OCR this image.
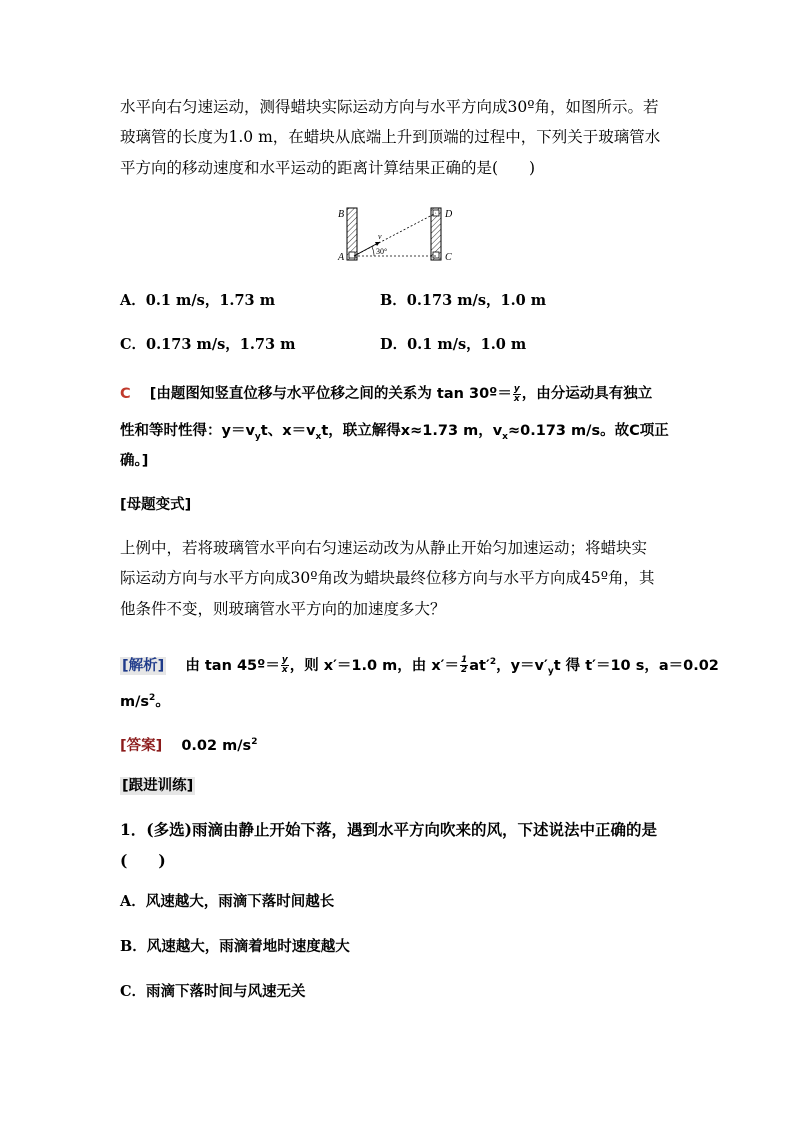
水平向右匀速运动，测得蜡块实际运动方向与水平方向成30º角，如图所示。若
玻璃管的长度为1.0 m，在蜡块从底端上升到顶端的过程中，下列关于玻璃管水
平方向的移动速度和水平运动的距离计算结果正确的是(　　)
B
A
D
C
v
30°
A．0.1 m/s，1.73 m	B．0.173 m/s，1.0 m
C．0.173 m/s，1.73 m	D．0.1 m/s，1.0 m
C [由题图知竖直位移与水平位移之间的关系为 tan 30º＝ $\frac{y}{x}$ ，由分运动具有独立
性和等时性得：$y=v_yt$、$x=v_xt$，联立解得x≈1.73 m，$v_x\approx 0.173$ m/s。故C项正
确。]
[母题变式]
上例中，若将玻璃管水平向右匀速运动改为从静止开始匀加速运动；将蜡块实
际运动方向与水平方向成30º角改为蜡块最终位移方向与水平方向成45º角，其
他条件不变，则玻璃管水平方向的加速度多大？
[解析] 由 tan 45º＝ $\frac{y}{x}$ ，则 x′＝1.0 m，由 $x'= \frac{1}{2} at'^2$，$y=v'_yt$ 得 t′＝10 s，a＝0.02
$m/s^2$。
[答案] 0.02 $m/s^2$
[跟进训练]
1．(多选)雨滴由静止开始下落，遇到水平方向吹来的风，下述说法中正确的是
(　　)
A．风速越大，雨滴下落时间越长
B．风速越大，雨滴着地时速度越大
C．雨滴下落时间与风速无关
